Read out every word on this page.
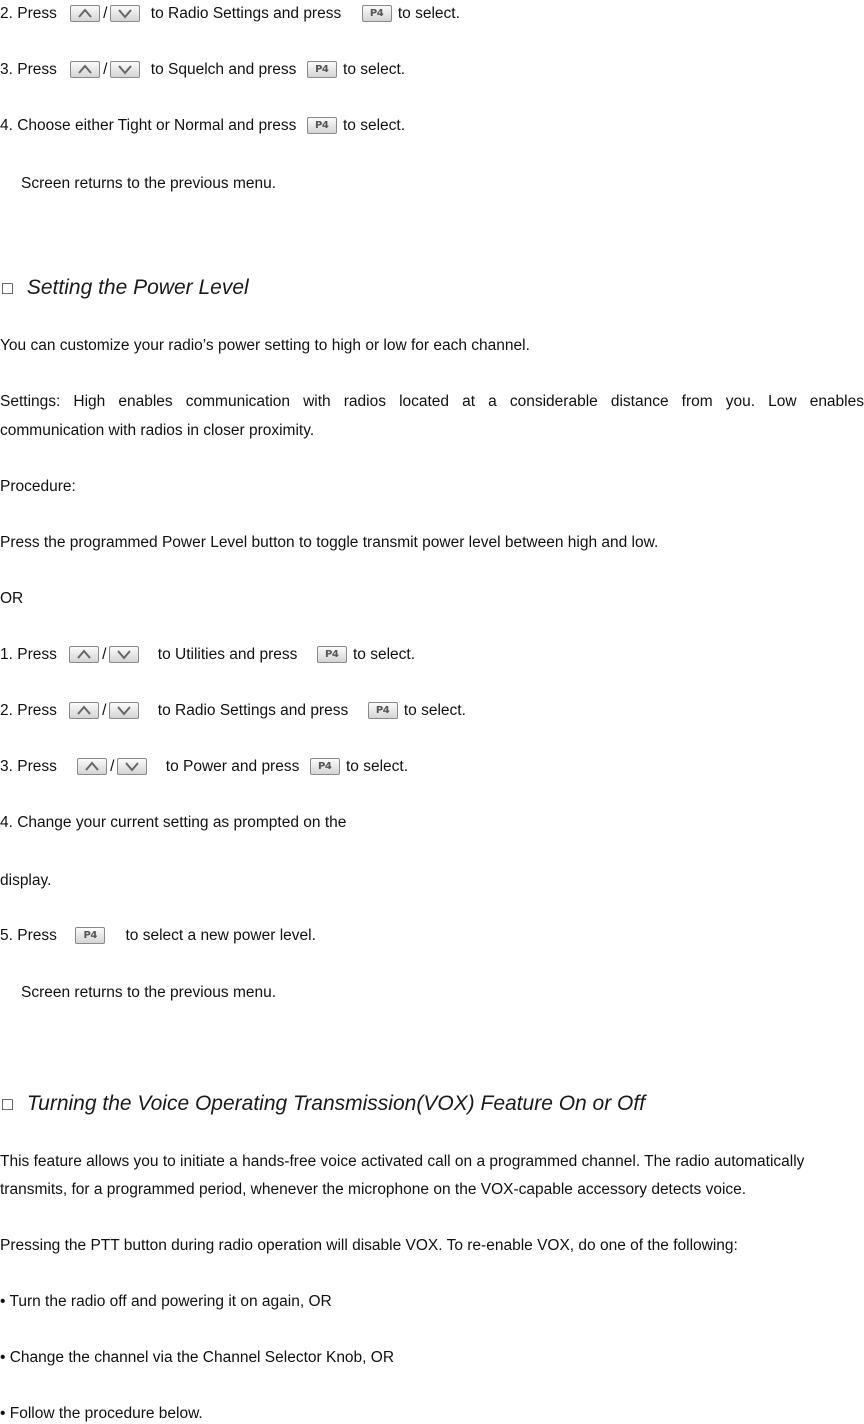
2. Press	/	to Radio Settings and press	P4 to select.
3. Press	/	to Squelch and press	P4 to select.
4. Choose either Tight or Normal and press	P4 to select.
Screen returns to the previous menu.
□ Setting the Power Level
You can customize your radio’s power setting to high or low for each channel.
Settings: High enables communication with radios located at a considerable distance from you. Low enables
communication with radios in closer proximity.
Procedure:
Press the programmed Power Level button to toggle transmit power level between high and low.
OR
1. Press	/	to Utilities and press	P4 to select.
2. Press	/	to Radio Settings and press	P4 to select.
3. Press	/	to Power and press	P4 to select.
4. Change your current setting as prompted on the
display.
5. Press	P4	to select a new power level.
Screen returns to the previous menu.
□ Turning the Voice Operating Transmission(VOX) Feature On or Off
This feature allows you to initiate a hands-free voice activated call on a programmed channel. The radio automatically
transmits, for a programmed period, whenever the microphone on the VOX-capable accessory detects voice.
Pressing the PTT button during radio operation will disable VOX. To re-enable VOX, do one of the following:
• Turn the radio off and powering it on again, OR
• Change the channel via the Channel Selector Knob, OR
• Follow the procedure below.
